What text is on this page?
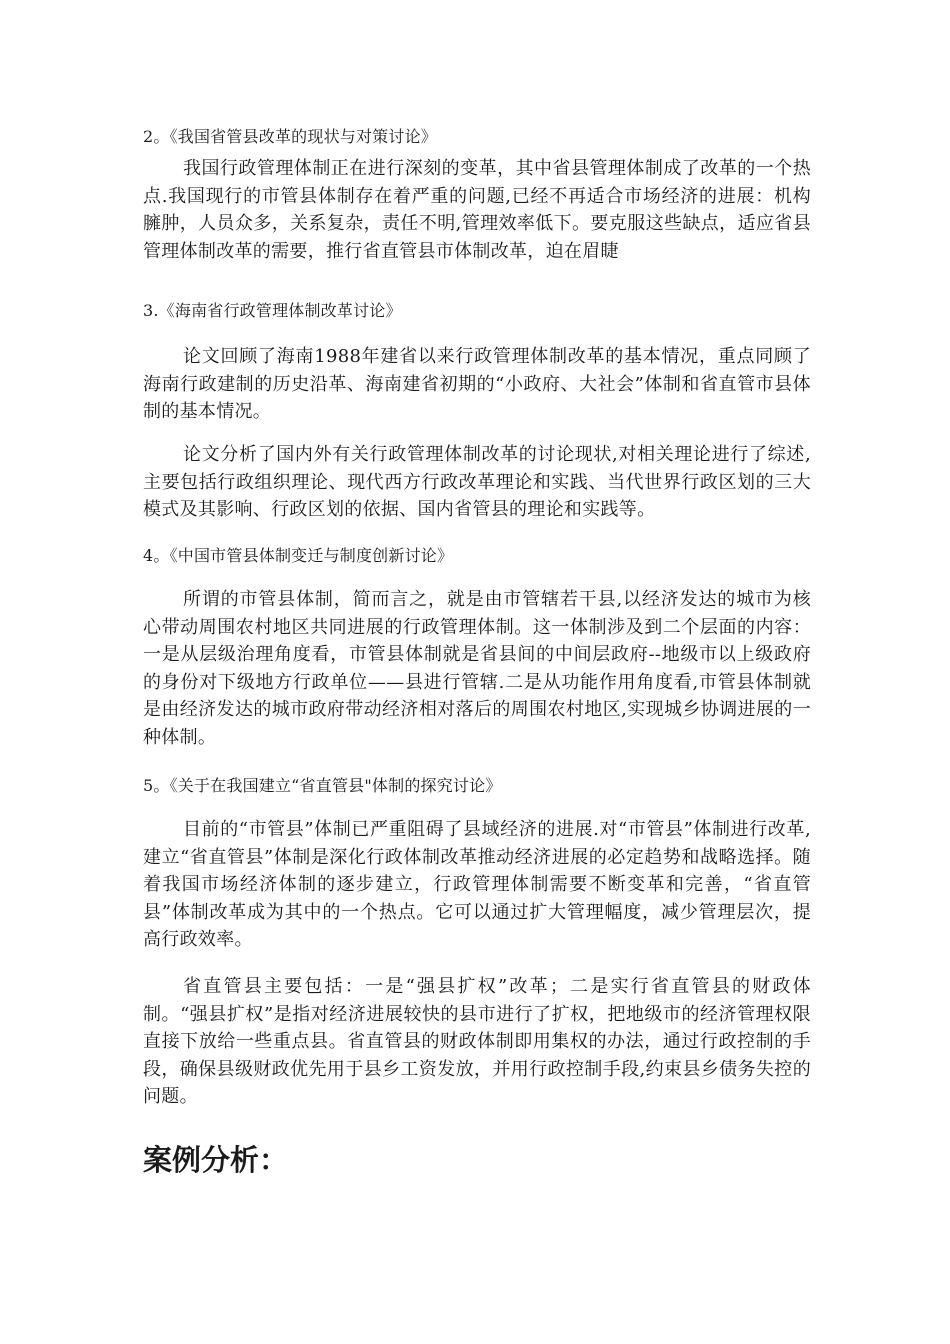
2。《我国省管县改革的现状与对策讨论》

我国行政管理体制正在进行深刻的变革，其中省县管理体制成了改革的一个热点.我国现行的市管县体制存在着严重的问题,已经不再适合市场经济的进展：机构臃肿，人员众多，关系复杂，责任不明,管理效率低下。要克服这些缺点，适应省县管理体制改革的需要，推行省直管县市体制改革，迫在眉睫

3.《海南省行政管理体制改革讨论》

论文回顾了海南1988年建省以来行政管理体制改革的基本情况，重点同顾了海南行政建制的历史沿革、海南建省初期的“小政府、大社会”体制和省直管市县体制的基本情况。

论文分析了国内外有关行政管理体制改革的讨论现状,对相关理论进行了综述,主要包括行政组织理论、现代西方行政改革理论和实践、当代世界行政区划的三大模式及其影响、行政区划的依据、国内省管县的理论和实践等。

4。《中国市管县体制变迁与制度创新讨论》

所谓的市管县体制，简而言之，就是由市管辖若干县,以经济发达的城市为核心带动周围农村地区共同进展的行政管理体制。这一体制涉及到二个层面的内容：一是从层级治理角度看，市管县体制就是省县间的中间层政府--地级市以上级政府的身份对下级地方行政单位——县进行管辖.二是从功能作用角度看,市管县体制就是由经济发达的城市政府带动经济相对落后的周围农村地区,实现城乡协调进展的一种体制。

5。《关于在我国建立“省直管县"体制的探究讨论》

目前的“市管县”体制已严重阻碍了县域经济的进展.对“市管县”体制进行改革,建立“省直管县”体制是深化行政体制改革推动经济进展的必定趋势和战略选择。随着我国市场经济体制的逐步建立，行政管理体制需要不断变革和完善，“省直管县”体制改革成为其中的一个热点。它可以通过扩大管理幅度，减少管理层次，提高行政效率。

省直管县主要包括：一是“强县扩权”改革；二是实行省直管县的财政体制。“强县扩权”是指对经济进展较快的县市进行了扩权，把地级市的经济管理权限直接下放给一些重点县。省直管县的财政体制即用集权的办法，通过行政控制的手段，确保县级财政优先用于县乡工资发放，并用行政控制手段,约束县乡债务失控的问题。

案例分析：
